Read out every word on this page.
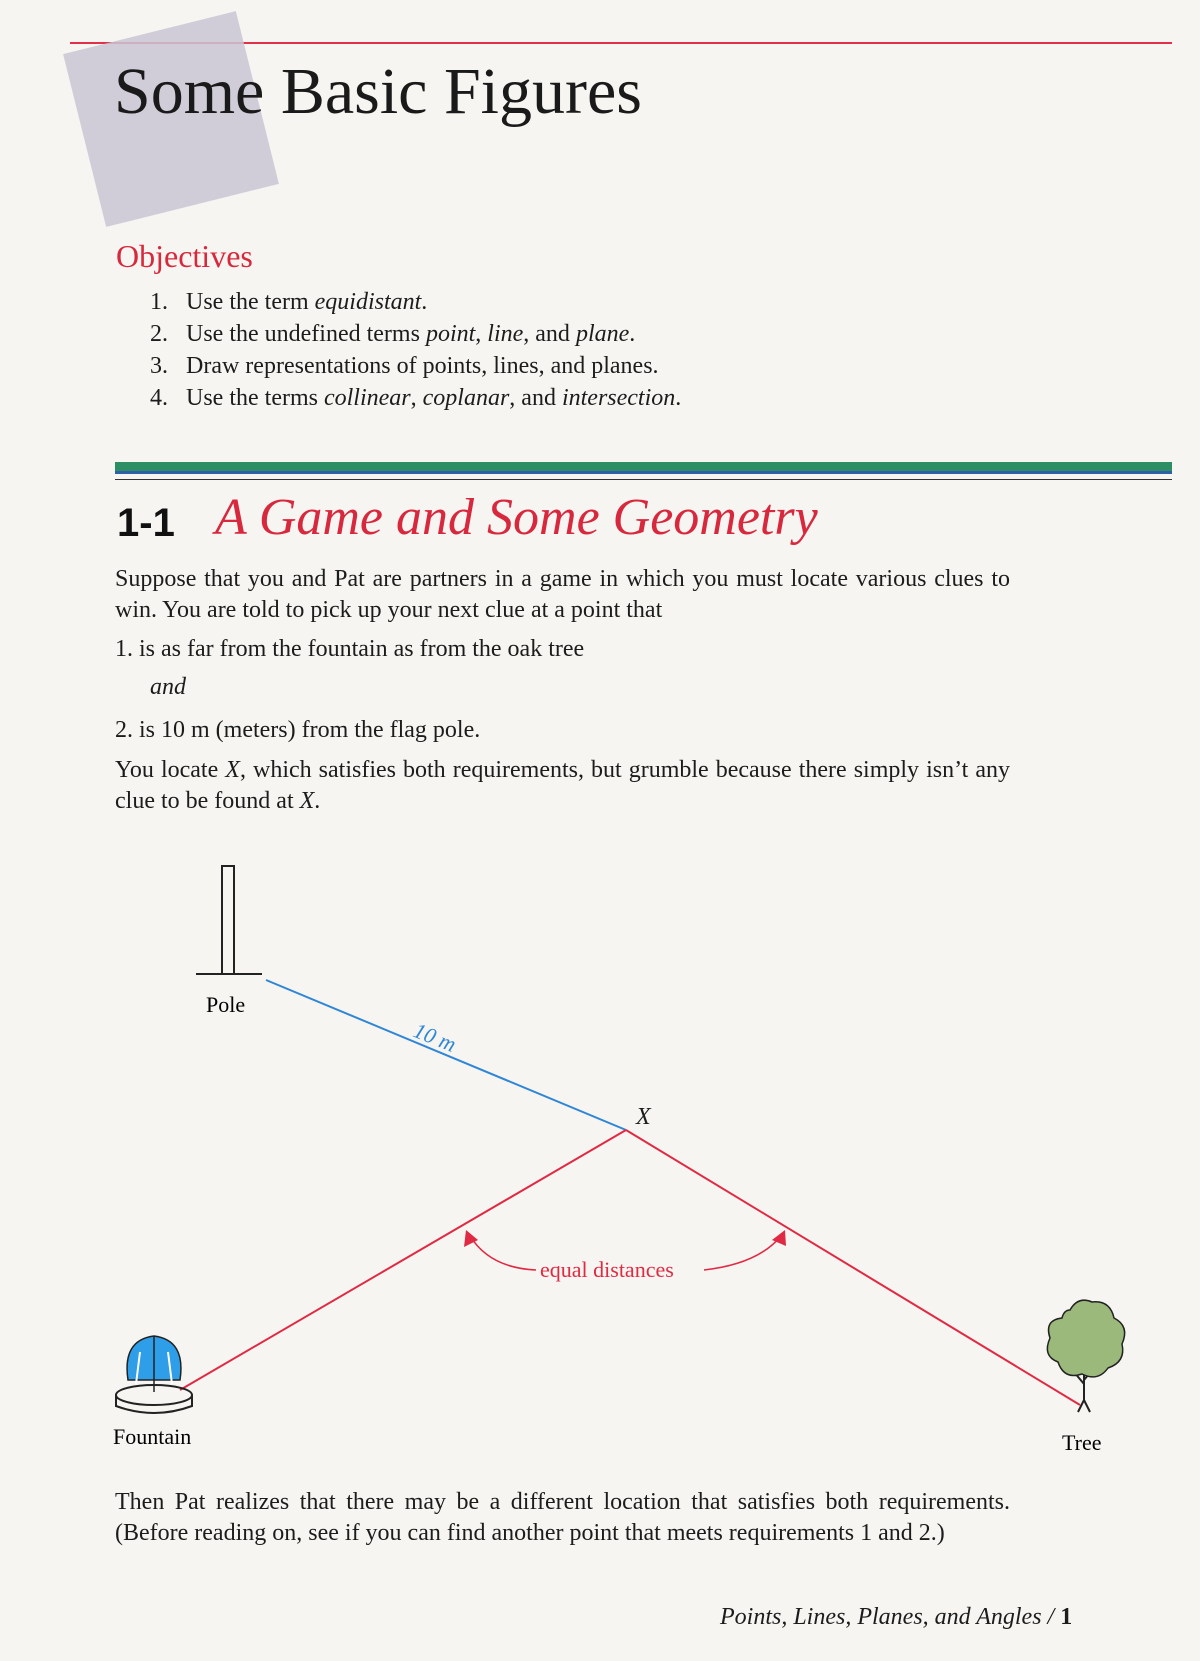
Some Basic Figures
Objectives
1. Use the term equidistant.
2. Use the undefined terms point, line, and plane.
3. Draw representations of points, lines, and planes.
4. Use the terms collinear, coplanar, and intersection.
1-1 A Game and Some Geometry
Suppose that you and Pat are partners in a game in which you must locate various clues to win. You are told to pick up your next clue at a point that
1. is as far from the fountain as from the oak tree
and
2. is 10 m (meters) from the flag pole.
You locate X, which satisfies both requirements, but grumble because there simply isn’t any clue to be found at X.
Pole
10 m
X
equal distances
Fountain	Tree
Then Pat realizes that there may be a different location that satisfies both requirements. (Before reading on, see if you can find another point that meets requirements 1 and 2.)
Points, Lines, Planes, and Angles / 1
